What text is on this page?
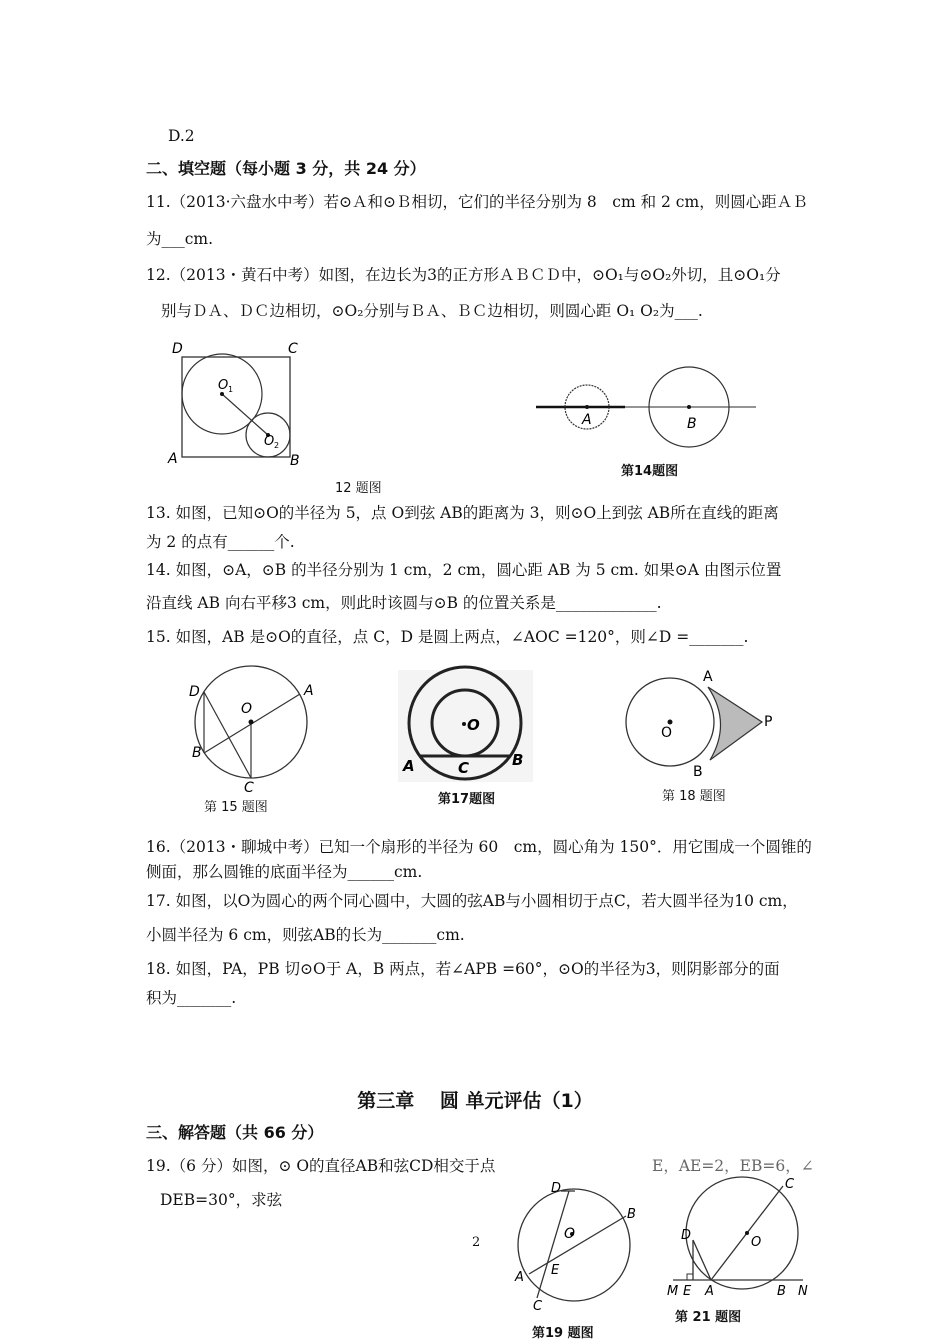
D.2
二、填空题（每小题 3 分，共 24 分）
11.（2013·六盘水中考）若⊙Ａ和⊙Ｂ相切，它们的半径分别为 8　cm 和 2 cm，则圆心距ＡＢ
为___cm.
12.（2013・黄石中考）如图，在边长为3的正方形ＡＢＣＤ中，⊙O₁与⊙O₂外切，且⊙O₁分
别与ＤＡ、ＤＣ边相切，⊙O₂分别与ＢＡ、ＢＣ边相切，则圆心距 O₁ O₂为___.
13. 如图，已知⊙O的半径为 5，点 O到弦 AB的距离为 3，则⊙O上到弦 AB所在直线的距离
为 2 的点有______个.
14. 如图，⊙A，⊙B 的半径分别为 1 cm，2 cm，圆心距 AB 为 5 cm. 如果⊙A 由图示位置
沿直线 AB 向右平移3 cm，则此时该圆与⊙B 的位置关系是_____________.
15. 如图，AB 是⊙O的直径，点 C，D 是圆上两点，∠AOC =120°，则∠D =_______.
16.（2013・聊城中考）已知一个扇形的半径为 60　cm，圆心角为 150°．用它围成一个圆锥的
侧面，那么圆锥的底面半径为______cm.
17. 如图，以O为圆心的两个同心圆中，大圆的弦AB与小圆相切于点C，若大圆半径为10 cm，
小圆半径为 6 cm，则弦AB的长为_______cm.
18. 如图，PA，PB 切⊙O于 A，B 两点，若∠APB =60°，⊙O的半径为3，则阴影部分的面
积为_______.
第三章　 圆 单元评估（1）
三、解答题（共 66 分）
19.（6 分）如图，⊙ O的直径AB和弦CD相交于点	E，AE=2，EB=6，∠
DEB=30°，求弦
2
D	C
A	B
O 1
O 2
12 题图
A	B
第14题图
D	A
O
B
C
第 15 题图
O
A	C	B
第17题图
A
P
O
B
第 18 题图
D
B
O
E
A
C
第19 题图
D
C
O
M E A	B N
第 21 题图
